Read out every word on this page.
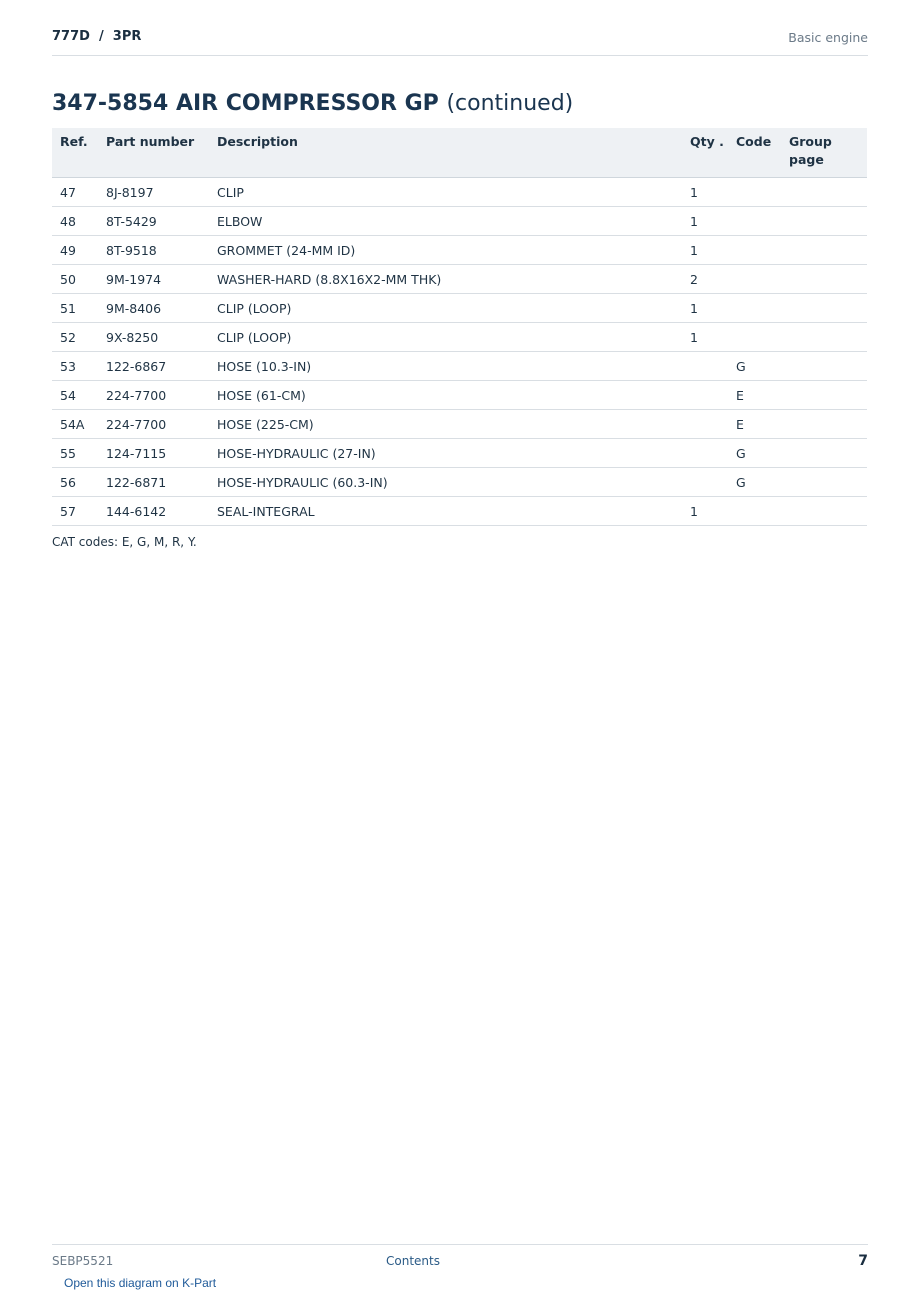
777D  /  3PR	Basic engine
347-5854 AIR COMPRESSOR GP (continued)
Ref.	Part number	Description	Qty .	Code	Group page
47	8J-8197	CLIP	1		
48	8T-5429	ELBOW	1		
49	8T-9518	GROMMET (24-MM ID)	1		
50	9M-1974	WASHER-HARD (8.8X16X2-MM THK)	2		
51	9M-8406	CLIP (LOOP)	1		
52	9X-8250	CLIP (LOOP)	1		
53	122-6867	HOSE (10.3-IN)		G	
54	224-7700	HOSE (61-CM)		E	
54A	224-7700	HOSE (225-CM)		E	
55	124-7115	HOSE-HYDRAULIC (27-IN)		G	
56	122-6871	HOSE-HYDRAULIC (60.3-IN)		G	
57	144-6142	SEAL-INTEGRAL	1		
CAT codes: E, G, M, R, Y.
SEBP5521	Contents	7
Open this diagram on K-Part
